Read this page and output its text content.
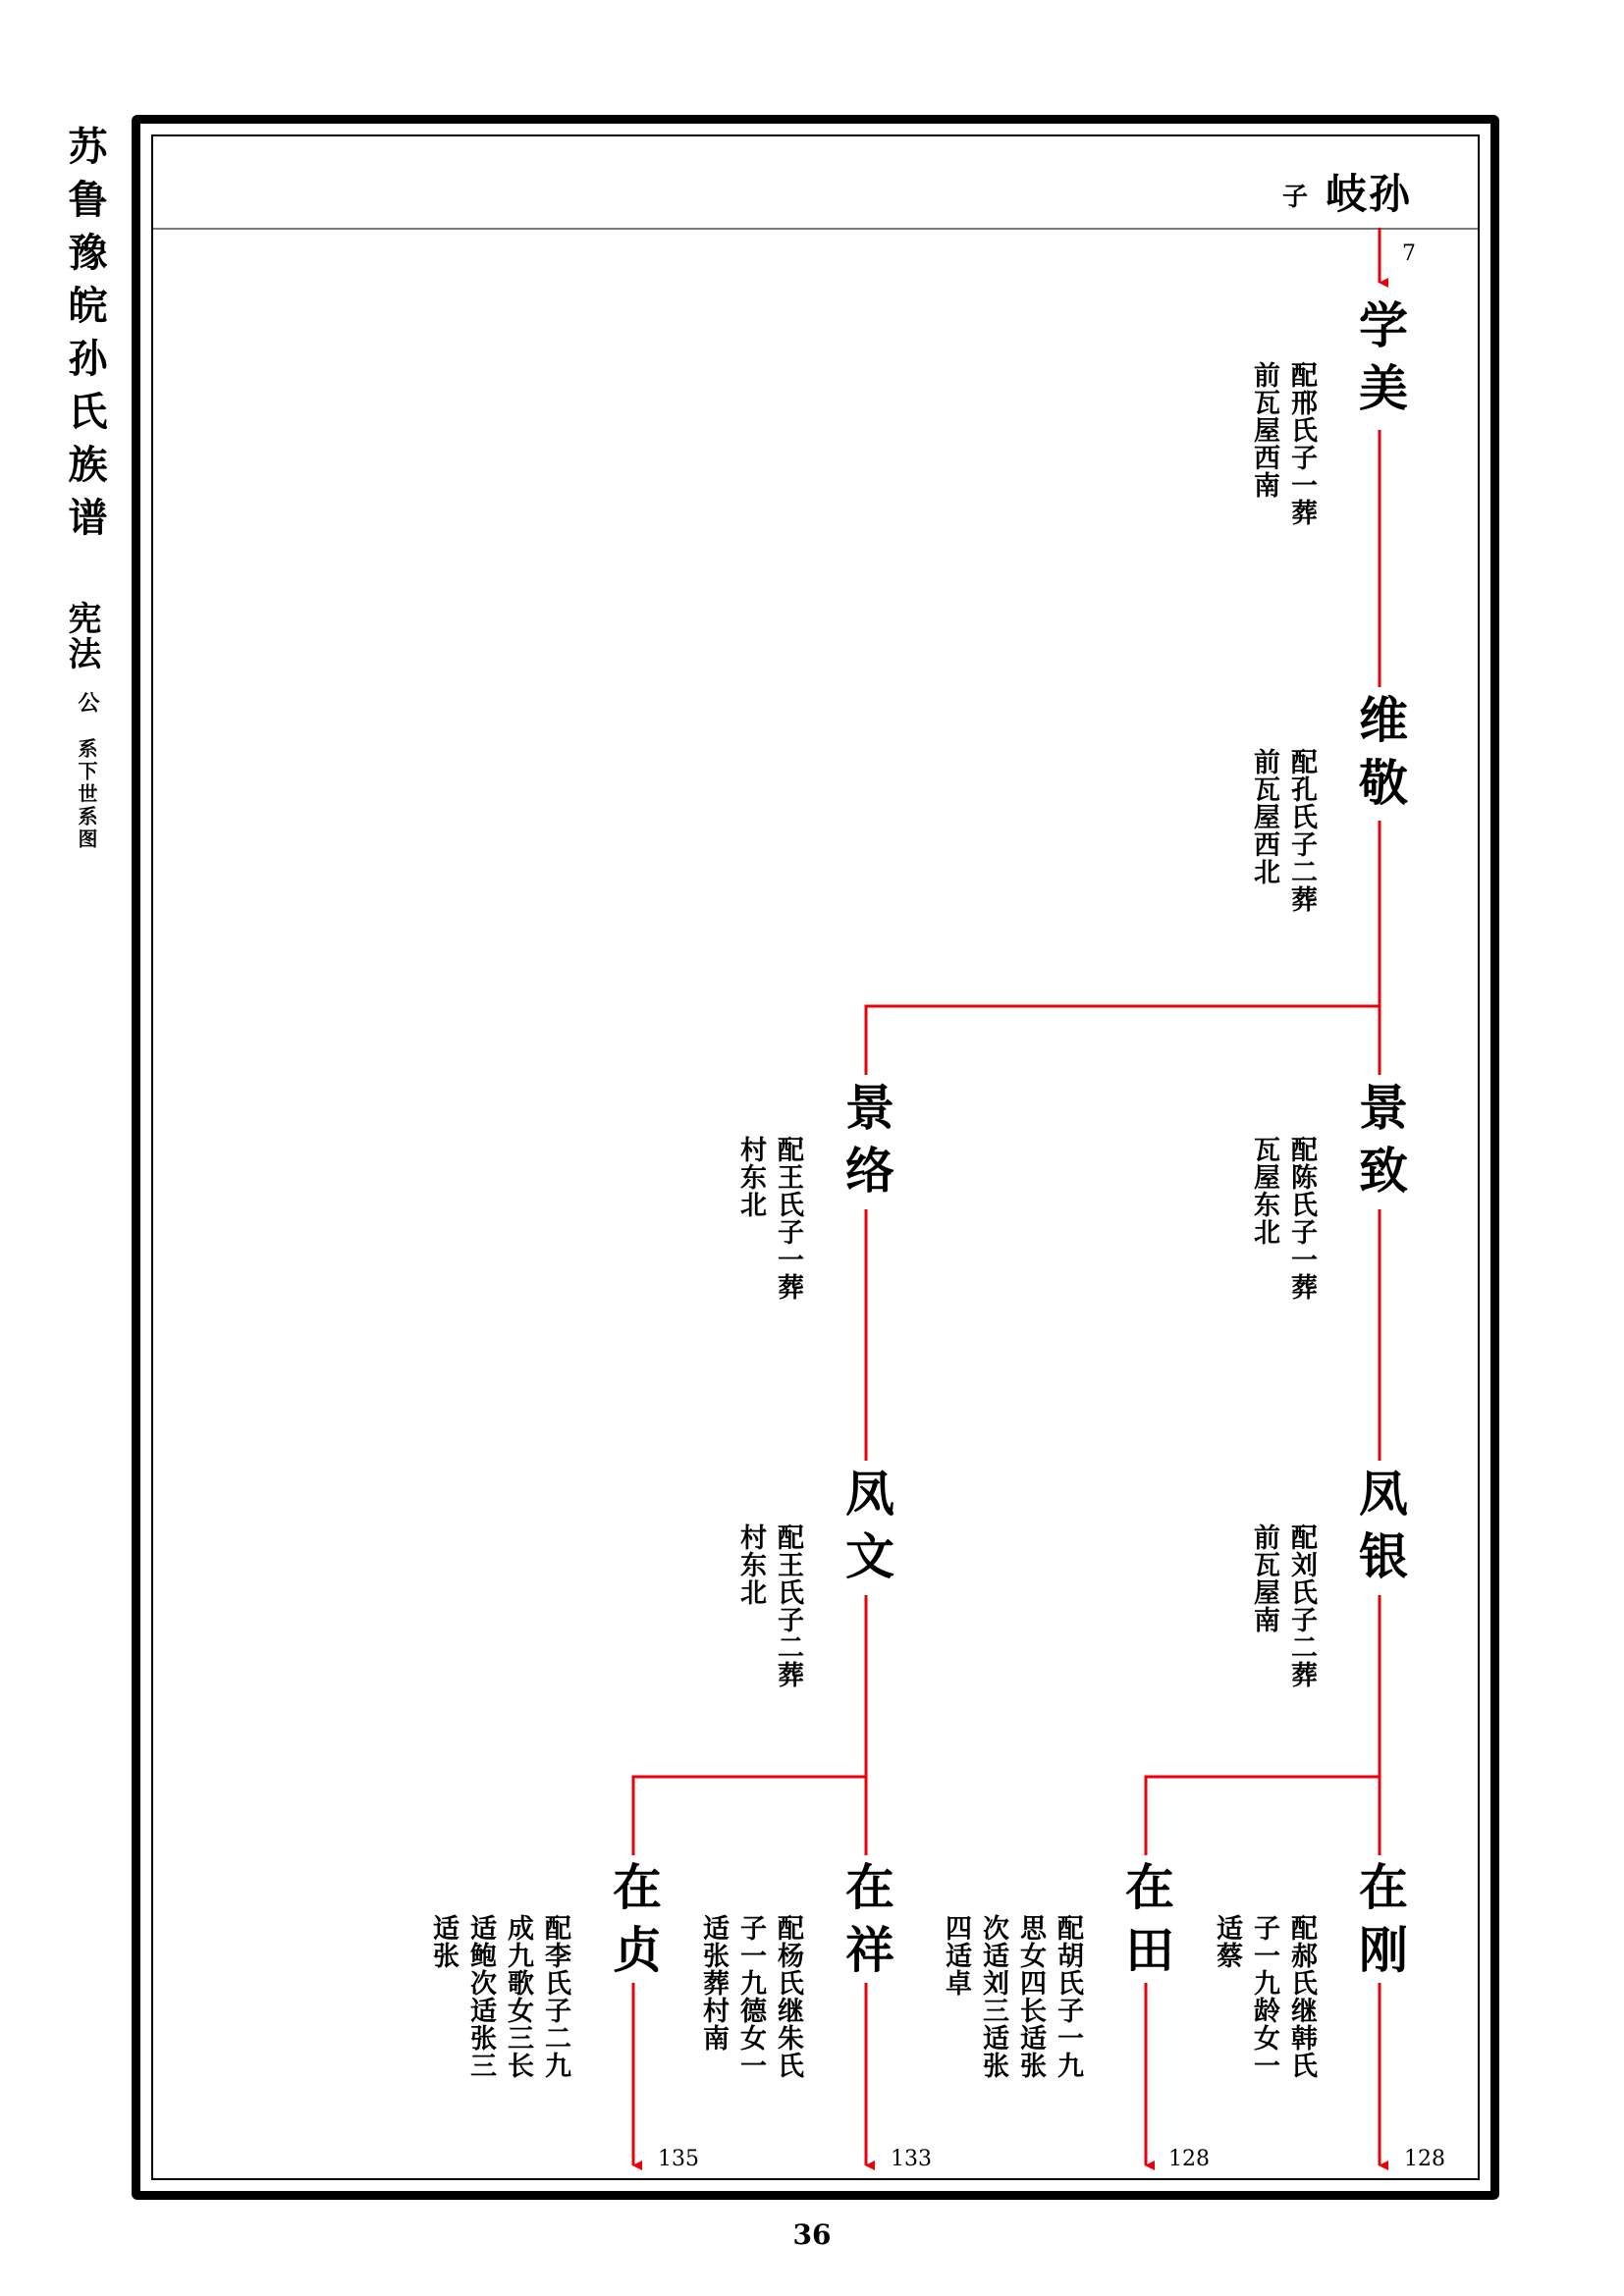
苏鲁豫皖孙氏族谱
宪法
公
系下世系图
子 岐孙
7
学美
配邢氏子一葬
前瓦屋西南
维敬
配孔氏子二葬
前瓦屋西北
景致
配陈氏子一葬
瓦屋东北
景络
配王氏子一葬
村东北
凤银
配刘氏子二葬
前瓦屋南
凤文
配王氏子二葬
村东北
在刚
配郝氏继韩氏
子一九龄女一
适蔡
128
在田
配胡氏子一九
思女四长适张
次适刘三适张
四适卓
128
在祥
配杨氏继朱氏
子一九德女一
适张葬村南
133
在贞
配李氏子二九
成九歌女三长
适鲍次适张三
适张
135
36
